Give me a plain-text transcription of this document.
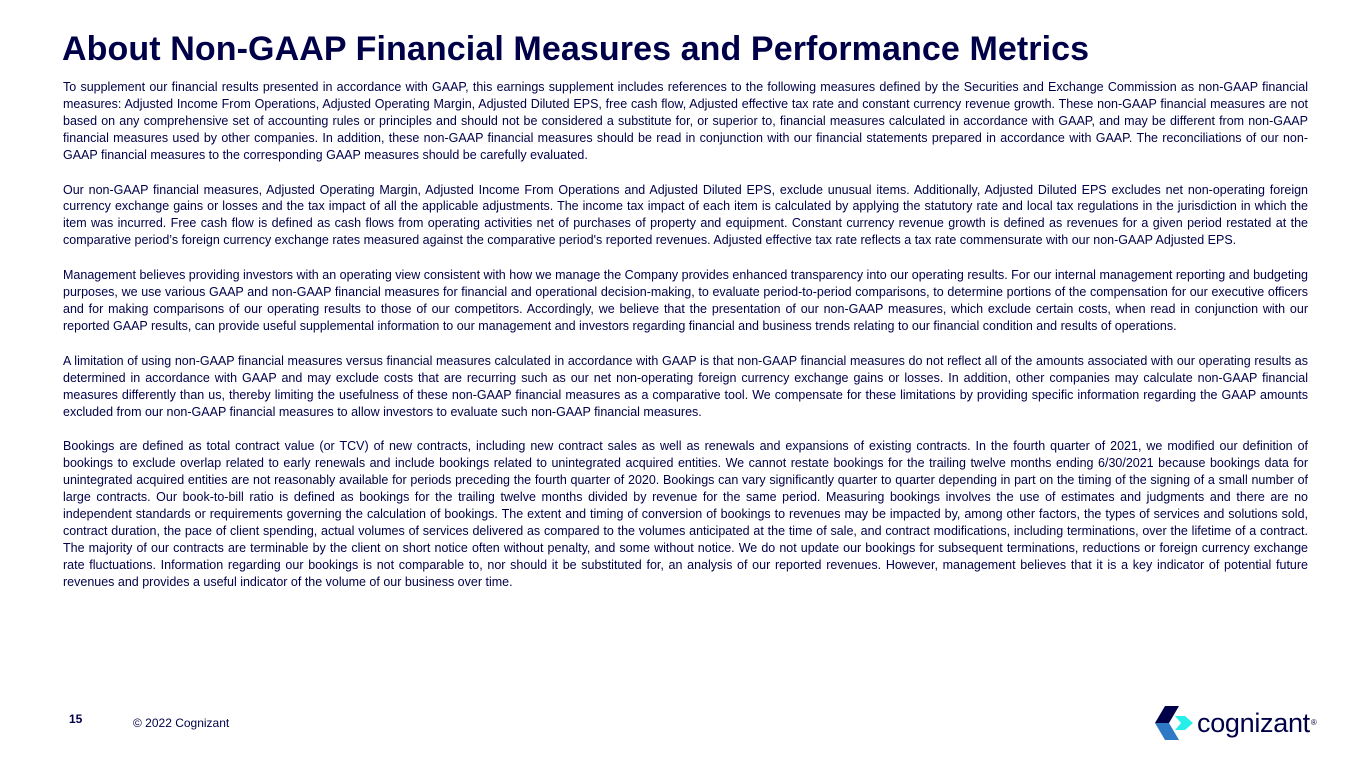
About Non-GAAP Financial Measures and Performance Metrics

To supplement our financial results presented in accordance with GAAP, this earnings supplement includes references to the following measures defined by the Securities and Exchange Commission as non-GAAP financial measures: Adjusted Income From Operations, Adjusted Operating Margin, Adjusted Diluted EPS, free cash flow, Adjusted effective tax rate and constant currency revenue growth. These non-GAAP financial measures are not based on any comprehensive set of accounting rules or principles and should not be considered a substitute for, or superior to, financial measures calculated in accordance with GAAP, and may be different from non-GAAP financial measures used by other companies. In addition, these non-GAAP financial measures should be read in conjunction with our financial statements prepared in accordance with GAAP. The reconciliations of our non-GAAP financial measures to the corresponding GAAP measures should be carefully evaluated.

Our non-GAAP financial measures, Adjusted Operating Margin, Adjusted Income From Operations and Adjusted Diluted EPS, exclude unusual items. Additionally, Adjusted Diluted EPS excludes net non-operating foreign currency exchange gains or losses and the tax impact of all the applicable adjustments. The income tax impact of each item is calculated by applying the statutory rate and local tax regulations in the jurisdiction in which the item was incurred. Free cash flow is defined as cash flows from operating activities net of purchases of property and equipment. Constant currency revenue growth is defined as revenues for a given period restated at the comparative period’s foreign currency exchange rates measured against the comparative period's reported revenues. Adjusted effective tax rate reflects a tax rate commensurate with our non-GAAP Adjusted EPS.

Management believes providing investors with an operating view consistent with how we manage the Company provides enhanced transparency into our operating results. For our internal management reporting and budgeting purposes, we use various GAAP and non-GAAP financial measures for financial and operational decision-making, to evaluate period-to-period comparisons, to determine portions of the compensation for our executive officers and for making comparisons of our operating results to those of our competitors. Accordingly, we believe that the presentation of our non-GAAP measures, which exclude certain costs, when read in conjunction with our reported GAAP results, can provide useful supplemental information to our management and investors regarding financial and business trends relating to our financial condition and results of operations.

A limitation of using non-GAAP financial measures versus financial measures calculated in accordance with GAAP is that non-GAAP financial measures do not reflect all of the amounts associated with our operating results as determined in accordance with GAAP and may exclude costs that are recurring such as our net non-operating foreign currency exchange gains or losses. In addition, other companies may calculate non-GAAP financial measures differently than us, thereby limiting the usefulness of these non-GAAP financial measures as a comparative tool. We compensate for these limitations by providing specific information regarding the GAAP amounts excluded from our non-GAAP financial measures to allow investors to evaluate such non-GAAP financial measures.

Bookings are defined as total contract value (or TCV) of new contracts, including new contract sales as well as renewals and expansions of existing contracts. In the fourth quarter of 2021, we modified our definition of bookings to exclude overlap related to early renewals and include bookings related to unintegrated acquired entities. We cannot restate bookings for the trailing twelve months ending 6/30/2021 because bookings data for unintegrated acquired entities are not reasonably available for periods preceding the fourth quarter of 2020. Bookings can vary significantly quarter to quarter depending in part on the timing of the signing of a small number of large contracts. Our book-to-bill ratio is defined as bookings for the trailing twelve months divided by revenue for the same period. Measuring bookings involves the use of estimates and judgments and there are no independent standards or requirements governing the calculation of bookings. The extent and timing of conversion of bookings to revenues may be impacted by, among other factors, the types of services and solutions sold, contract duration, the pace of client spending, actual volumes of services delivered as compared to the volumes anticipated at the time of sale, and contract modifications, including terminations, over the lifetime of a contract. The majority of our contracts are terminable by the client on short notice often without penalty, and some without notice. We do not update our bookings for subsequent terminations, reductions or foreign currency exchange rate fluctuations. Information regarding our bookings is not comparable to, nor should it be substituted for, an analysis of our reported revenues. However, management believes that it is a key indicator of potential future revenues and provides a useful indicator of the volume of our business over time.

15	© 2022 Cognizant	cognizant®
